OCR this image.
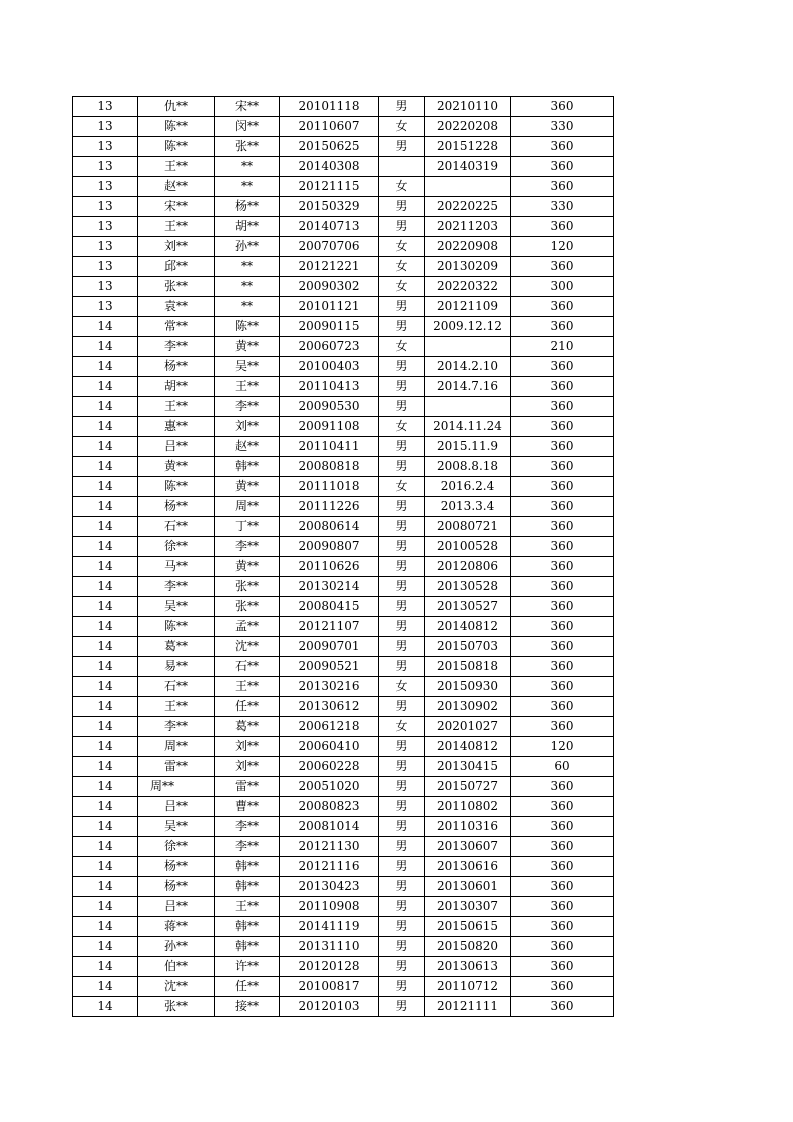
13	仇**	宋**	20101118	男	20210110	360
13	陈**	闵**	20110607	女	20220208	330
13	陈**	张**	20150625	男	20151228	360
13	王**	**	20140308		20140319	360
13	赵**	**	20121115	女		360
13	宋**	杨**	20150329	男	20220225	330
13	王**	胡**	20140713	男	20211203	360
13	刘**	孙**	20070706	女	20220908	120
13	邱**	**	20121221	女	20130209	360
13	张**	**	20090302	女	20220322	300
13	袁**	**	20101121	男	20121109	360
14	常**	陈**	20090115	男	2009.12.12	360
14	李**	黄**	20060723	女		210
14	杨**	吴**	20100403	男	2014.2.10	360
14	胡**	王**	20110413	男	2014.7.16	360
14	王**	李**	20090530	男		360
14	惠**	刘**	20091108	女	2014.11.24	360
14	吕**	赵**	20110411	男	2015.11.9	360
14	黄**	韩**	20080818	男	2008.8.18	360
14	陈**	黄**	20111018	女	2016.2.4	360
14	杨**	周**	20111226	男	2013.3.4	360
14	石**	丁**	20080614	男	20080721	360
14	徐**	李**	20090807	男	20100528	360
14	马**	黄**	20110626	男	20120806	360
14	李**	张**	20130214	男	20130528	360
14	吴**	张**	20080415	男	20130527	360
14	陈**	孟**	20121107	男	20140812	360
14	葛**	沈**	20090701	男	20150703	360
14	易**	石**	20090521	男	20150818	360
14	石**	王**	20130216	女	20150930	360
14	王**	任**	20130612	男	20130902	360
14	李**	葛**	20061218	女	20201027	360
14	周**	刘**	20060410	男	20140812	120
14	雷**	刘**	20060228	男	20130415	60
14	周**	雷**	20051020	男	20150727	360
14	吕**	曹**	20080823	男	20110802	360
14	吴**	李**	20081014	男	20110316	360
14	徐**	李**	20121130	男	20130607	360
14	杨**	韩**	20121116	男	20130616	360
14	杨**	韩**	20130423	男	20130601	360
14	吕**	王**	20110908	男	20130307	360
14	蒋**	韩**	20141119	男	20150615	360
14	孙**	韩**	20131110	男	20150820	360
14	伯**	许**	20120128	男	20130613	360
14	沈**	任**	20100817	男	20110712	360
14	张**	接**	20120103	男	20121111	360
